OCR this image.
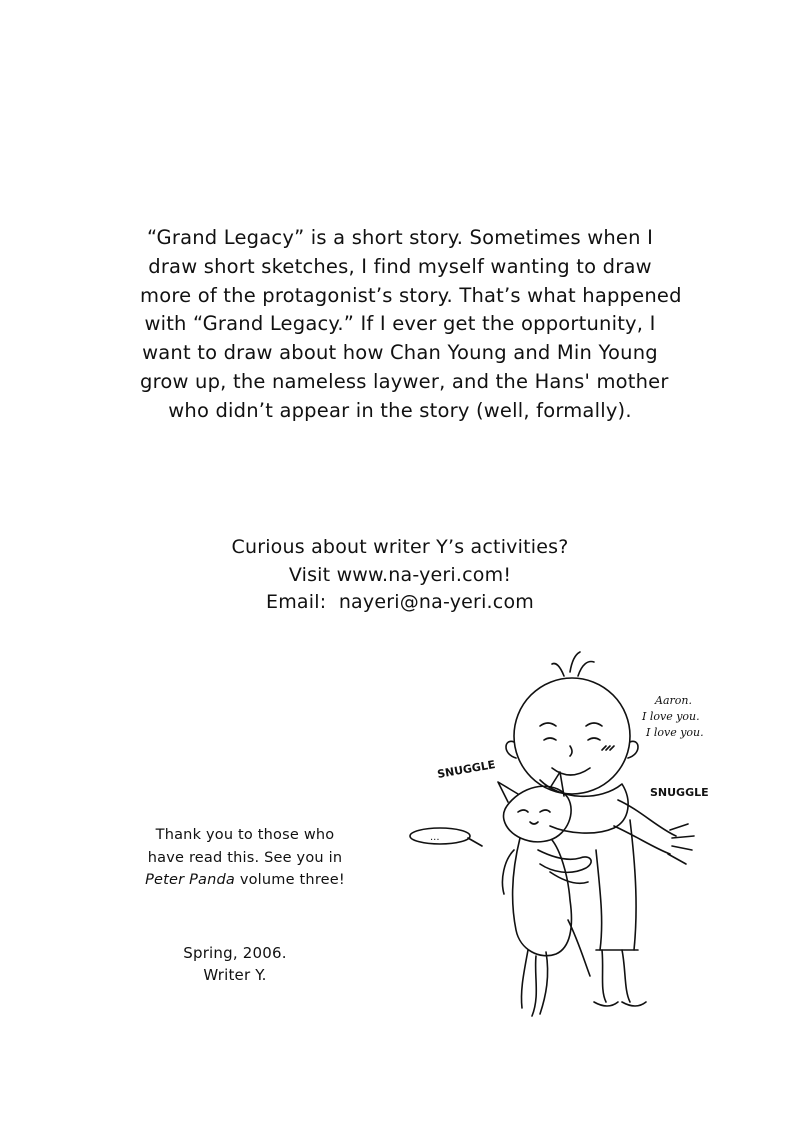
“Grand Legacy” is a short story. Sometimes when I

draw short sketches, I find myself wanting to draw

more of the protagonist’s story. That’s what happened

with “Grand Legacy.” If I ever get the opportunity, I

want to draw about how Chan Young and Min Young

grow up, the nameless laywer, and the Hans' mother

who didn’t appear in the story (well, formally).

Curious about writer Y’s activities?

Visit www.na-yeri.com!

Email: nayeri@na-yeri.com

Thank you to those who

have read this. See you in

Peter Panda volume three!

Spring, 2006.

Writer Y.

Aaron.
I love you.
I love you.
SNUGGLE
SNUGGLE
...
